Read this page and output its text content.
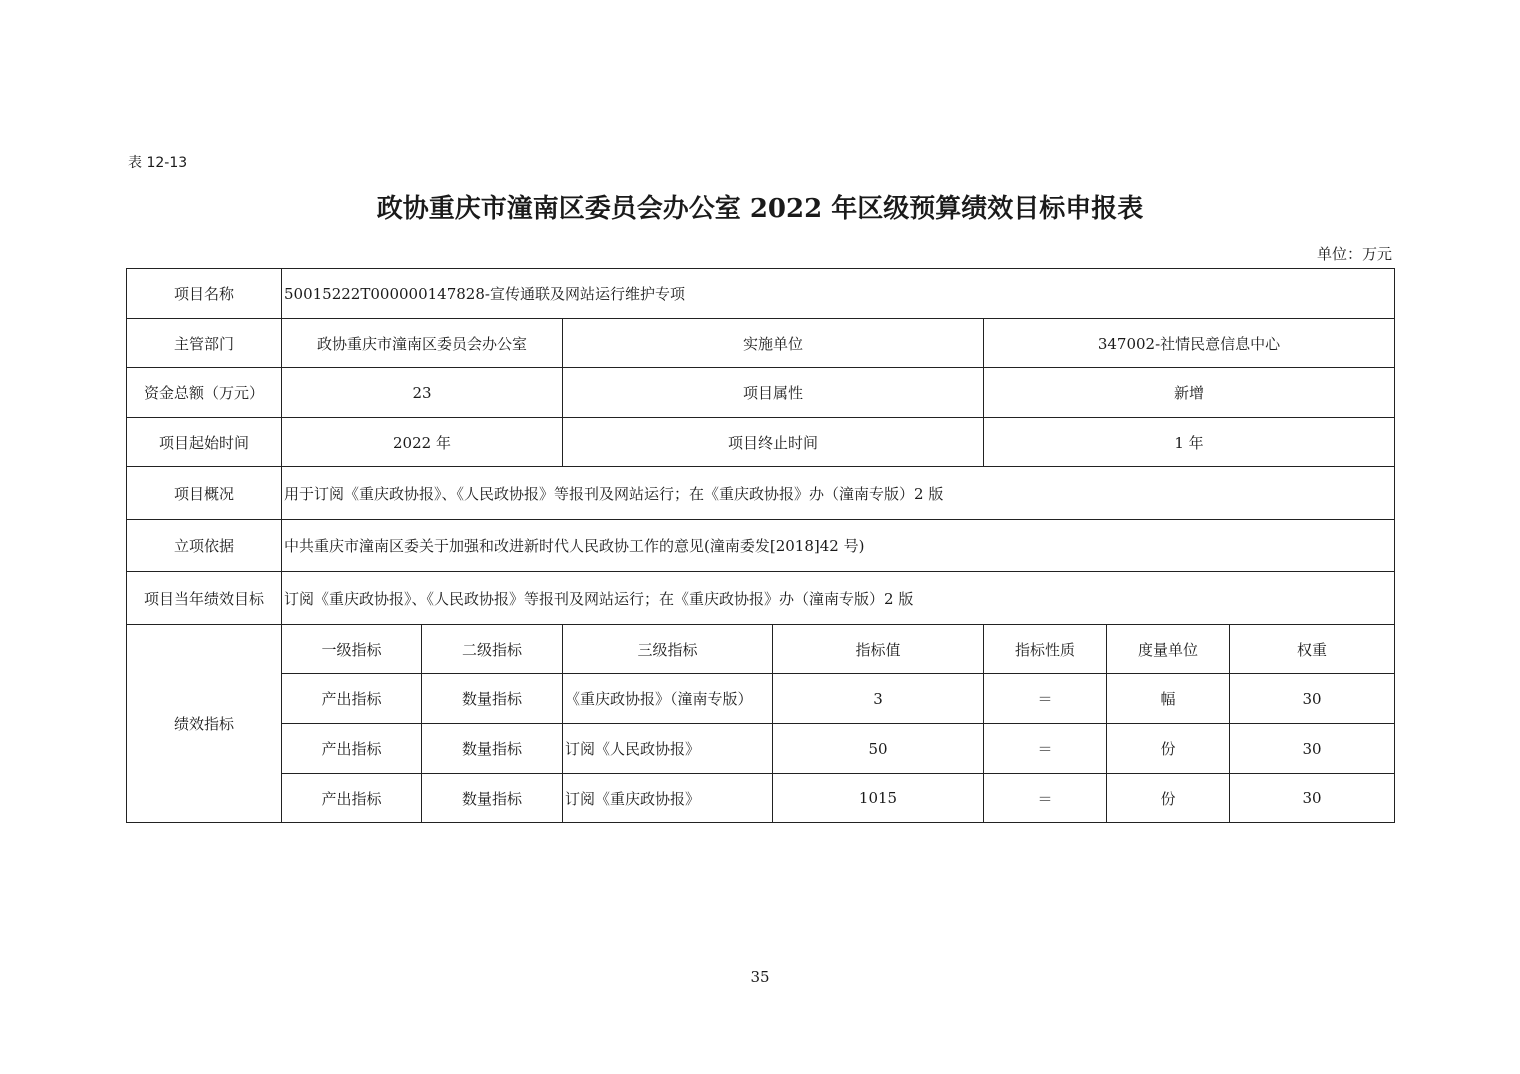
表 12-13
政协重庆市潼南区委员会办公室 2022 年区级预算绩效目标申报表
单位：万元
项目名称	50015222T000000147828-宣传通联及网站运行维护专项						
主管部门	政协重庆市潼南区委员会办公室		实施单位		347002-社情民意信息中心		
资金总额（万元）	23		项目属性		新增		
项目起始时间	2022 年		项目终止时间		1 年		
项目概况	用于订阅《重庆政协报》、《人民政协报》等报刊及网站运行；在《重庆政协报》办（潼南专版）2 版						
立项依据	中共重庆市潼南区委关于加强和改进新时代人民政协工作的意见(潼南委发[2018]42 号)						
项目当年绩效目标	订阅《重庆政协报》、《人民政协报》等报刊及网站运行；在《重庆政协报》办（潼南专版）2 版						
绩效指标	一级指标	二级指标	三级指标	指标值	指标性质	度量单位	权重
	产出指标	数量指标	《重庆政协报》（潼南专版）	3	＝	幅	30
	产出指标	数量指标	订阅《人民政协报》	50	＝	份	30
	产出指标	数量指标	订阅《重庆政协报》	1015	＝	份	30
35
